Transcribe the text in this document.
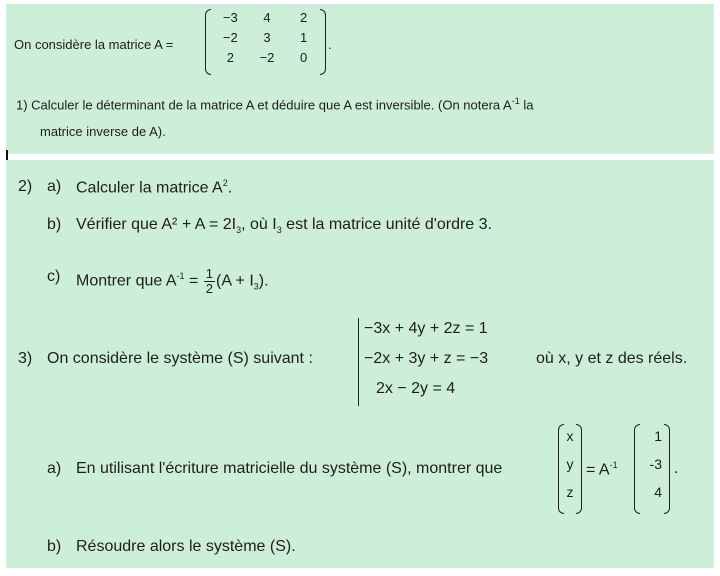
On considère la matrice A =
−3	4	2
−2	3	1
2	−2	0
.
1) Calculer le déterminant de la matrice A et déduire que A est inversible. (On notera $A^{-1}$ la
matrice inverse de A).
2) a) Calculer la matrice $A^2$.
b) Vérifier que $A^2 + A = 2I_3$, où $I_3$ est la matrice unité d'ordre 3.
c) Montrer que $A^{-1} = \frac{1}{2} (A + I_3)$.
3) On considère le système (S) suivant :
−3x + 4y + 2z = 1
−2x + 3y + z = −3
2x − 2y = 4
où x, y et z des réels.
a) En utilisant l'écriture matricielle du système (S), montrer que
x
y
z
= $A^{-1}$
1
-3
4
.
b) Résoudre alors le système (S).
